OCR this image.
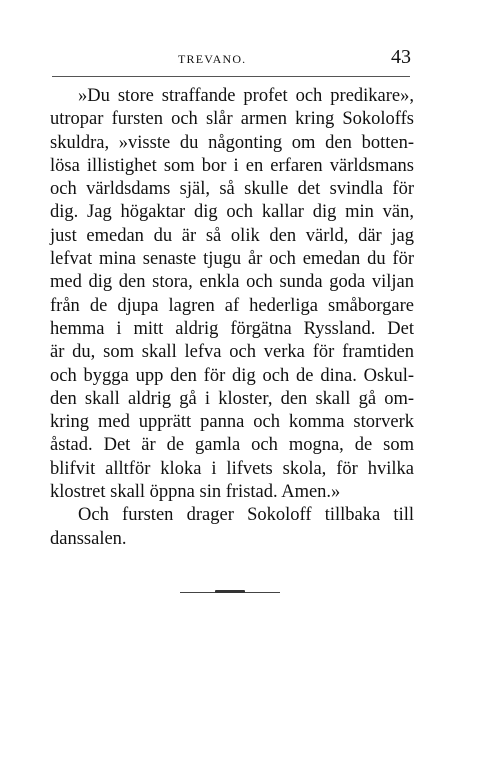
TREVANO.	43
»Du store straffande profet och predikare»,
utropar fursten och slår armen kring Sokoloffs
skuldra, »visste du någonting om den botten-
lösa illistighet som bor i en erfaren världsmans
och världsdams själ, så skulle det svindla för
dig. Jag högaktar dig och kallar dig min vän,
just emedan du är så olik den värld, där jag
lefvat mina senaste tjugu år och emedan du för
med dig den stora, enkla och sunda goda viljan
från de djupa lagren af hederliga småborgare
hemma i mitt aldrig förgätna Ryssland. Det
är du, som skall lefva och verka för framtiden
och bygga upp den för dig och de dina. Oskul-
den skall aldrig gå i kloster, den skall gå om-
kring med upprätt panna och komma storverk
åstad. Det är de gamla och mogna, de som
blifvit alltför kloka i lifvets skola, för hvilka
klostret skall öppna sin fristad. Amen.»
Och fursten drager Sokoloff tillbaka till
danssalen.
